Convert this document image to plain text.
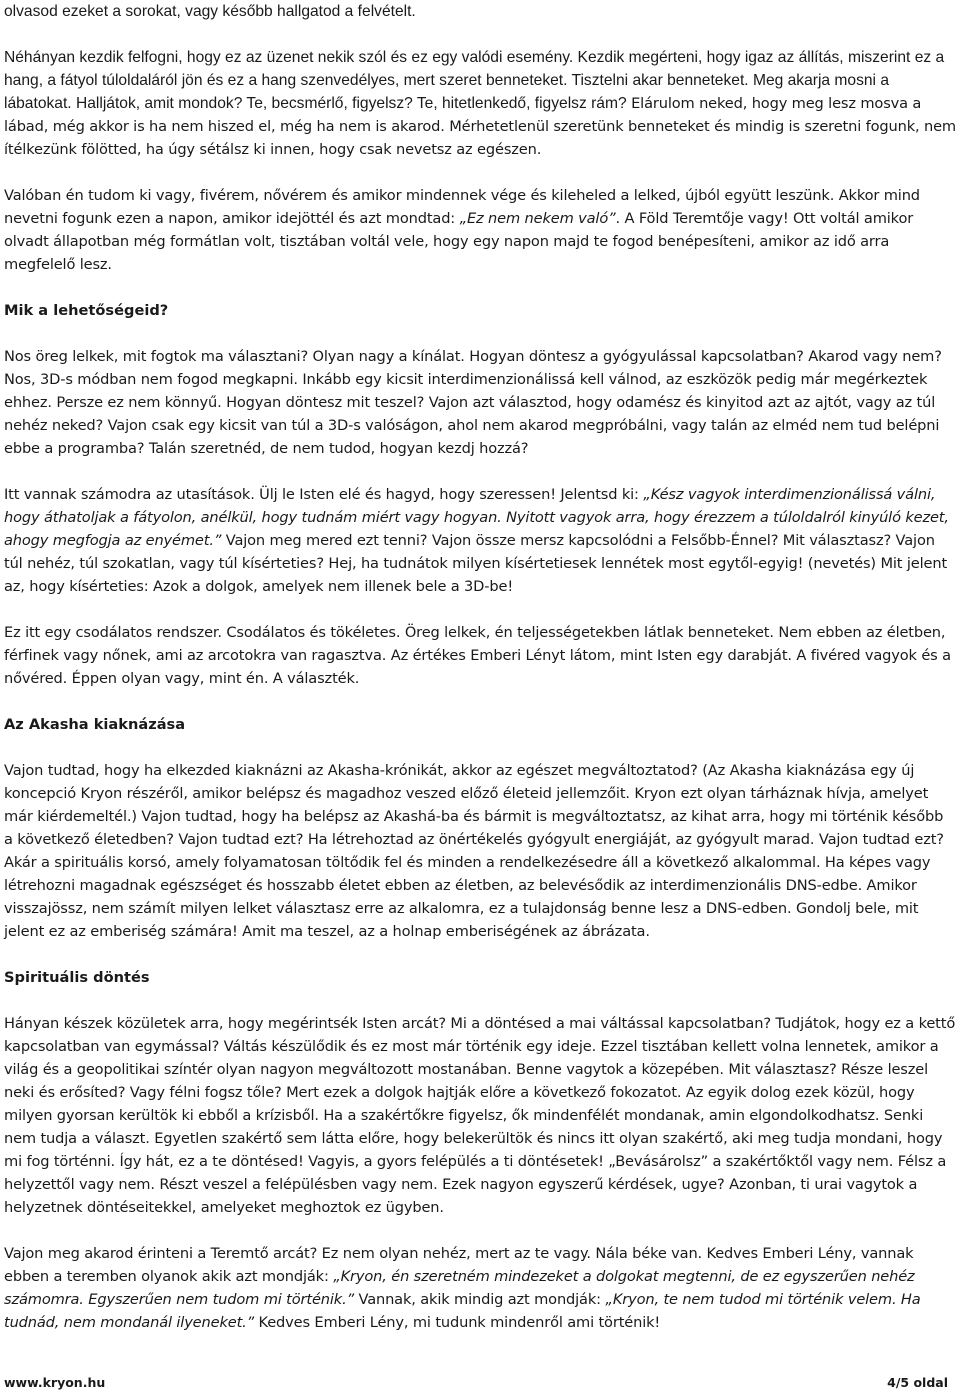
olvasod ezeket a sorokat, vagy később hallgatod a felvételt.

Néhányan kezdik felfogni, hogy ez az üzenet nekik szól és ez egy valódi esemény. Kezdik megérteni, hogy igaz az állítás, miszerint ez a hang, a fátyol túloldaláról jön és ez a hang szenvedélyes, mert szeret benneteket. Tisztelni akar benneteket. Meg akarja mosni a lábatokat. Halljátok, amit mondok? Te, becsmérlő, figyelsz? Te, hitetlenkedő, figyelsz rám? Elárulom neked, hogy meg lesz mosva a lábad, még akkor is ha nem hiszed el, még ha nem is akarod. Mérhetetlenül szeretünk benneteket és mindig is szeretni fogunk, nem ítélkezünk fölötted, ha úgy sétálsz ki innen, hogy csak nevetsz az egészen.

Valóban én tudom ki vagy, fivérem, nővérem és amikor mindennek vége és kileheled a lelked, újból együtt leszünk. Akkor mind nevetni fogunk ezen a napon, amikor idejöttél és azt mondtad: „Ez nem nekem való”. A Föld Teremtője vagy! Ott voltál amikor olvadt állapotban még formátlan volt, tisztában voltál vele, hogy egy napon majd te fogod benépesíteni, amikor az idő arra megfelelő lesz.

Mik a lehetőségeid?

Nos öreg lelkek, mit fogtok ma választani? Olyan nagy a kínálat. Hogyan döntesz a gyógyulással kapcsolatban? Akarod vagy nem? Nos, 3D-s módban nem fogod megkapni. Inkább egy kicsit interdimenzionálissá kell válnod, az eszközök pedig már megérkeztek ehhez. Persze ez nem könnyű. Hogyan döntesz mit teszel? Vajon azt választod, hogy odamész és kinyitod azt az ajtót, vagy az túl nehéz neked? Vajon csak egy kicsit van túl a 3D-s valóságon, ahol nem akarod megpróbálni, vagy talán az elméd nem tud belépni ebbe a programba? Talán szeretnéd, de nem tudod, hogyan kezdj hozzá?

Itt vannak számodra az utasítások. Ülj le Isten elé és hagyd, hogy szeressen! Jelentsd ki: „Kész vagyok interdimenzionálissá válni, hogy áthatoljak a fátyolon, anélkül, hogy tudnám miért vagy hogyan. Nyitott vagyok arra, hogy érezzem a túloldalról kinyúló kezet, ahogy megfogja az enyémet.” Vajon meg mered ezt tenni? Vajon össze mersz kapcsolódni a Felsőbb-Énnel? Mit választasz? Vajon túl nehéz, túl szokatlan, vagy túl kísérteties? Hej, ha tudnátok milyen kísértetiesek lennétek most egytől-egyig! (nevetés) Mit jelent az, hogy kísérteties: Azok a dolgok, amelyek nem illenek bele a 3D-be!

Ez itt egy csodálatos rendszer. Csodálatos és tökéletes. Öreg lelkek, én teljességetekben látlak benneteket. Nem ebben az életben, férfinek vagy nőnek, ami az arcotokra van ragasztva. Az értékes Emberi Lényt látom, mint Isten egy darabját. A fivéred vagyok és a nővéred. Éppen olyan vagy, mint én. A választék.

Az Akasha kiaknázása

Vajon tudtad, hogy ha elkezded kiaknázni az Akasha-krónikát, akkor az egészet megváltoztatod? (Az Akasha kiaknázása egy új koncepció Kryon részéről, amikor belépsz és magadhoz veszed előző életeid jellemzőit. Kryon ezt olyan tárháznak hívja, amelyet már kiérdemeltél.) Vajon tudtad, hogy ha belépsz az Akashá-ba és bármit is megváltoztatsz, az kihat arra, hogy mi történik később a következő életedben? Vajon tudtad ezt? Ha létrehoztad az önértékelés gyógyult energiáját, az gyógyult marad. Vajon tudtad ezt? Akár a spirituális korsó, amely folyamatosan töltődik fel és minden a rendelkezésedre áll a következő alkalommal. Ha képes vagy létrehozni magadnak egészséget és hosszabb életet ebben az életben, az belevésődik az interdimenzionális DNS-edbe. Amikor visszajössz, nem számít milyen lelket választasz erre az alkalomra, ez a tulajdonság benne lesz a DNS-edben. Gondolj bele, mit jelent ez az emberiség számára! Amit ma teszel, az a holnap emberiségének az ábrázata.

Spirituális döntés

Hányan készek közületek arra, hogy megérintsék Isten arcát? Mi a döntésed a mai váltással kapcsolatban? Tudjátok, hogy ez a kettő kapcsolatban van egymással? Váltás készülődik és ez most már történik egy ideje. Ezzel tisztában kellett volna lennetek, amikor a világ és a geopolitikai színtér olyan nagyon megváltozott mostanában. Benne vagytok a közepében. Mit választasz? Része leszel neki és erősíted? Vagy félni fogsz tőle? Mert ezek a dolgok hajtják előre a következő fokozatot. Az egyik dolog ezek közül, hogy milyen gyorsan kerültök ki ebből a krízisből. Ha a szakértőkre figyelsz, ők mindenfélét mondanak, amin elgondolkodhatsz. Senki nem tudja a választ. Egyetlen szakértő sem látta előre, hogy belekerültök és nincs itt olyan szakértő, aki meg tudja mondani, hogy mi fog történni. Így hát, ez a te döntésed! Vagyis, a gyors felépülés a ti döntésetek! „Bevásárolsz” a szakértőktől vagy nem. Félsz a helyzettől vagy nem. Részt veszel a felépülésben vagy nem. Ezek nagyon egyszerű kérdések, ugye? Azonban, ti urai vagytok a helyzetnek döntéseitekkel, amelyeket meghoztok ez ügyben.

Vajon meg akarod érinteni a Teremtő arcát? Ez nem olyan nehéz, mert az te vagy. Nála béke van. Kedves Emberi Lény, vannak ebben a teremben olyanok akik azt mondják: „Kryon, én szeretném mindezeket a dolgokat megtenni, de ez egyszerűen nehéz számomra. Egyszerűen nem tudom mi történik.” Vannak, akik mindig azt mondják: „Kryon, te nem tudod mi történik velem. Ha tudnád, nem mondanál ilyeneket.” Kedves Emberi Lény, mi tudunk mindenről ami történik!

www.kryon.hu	4/5 oldal
